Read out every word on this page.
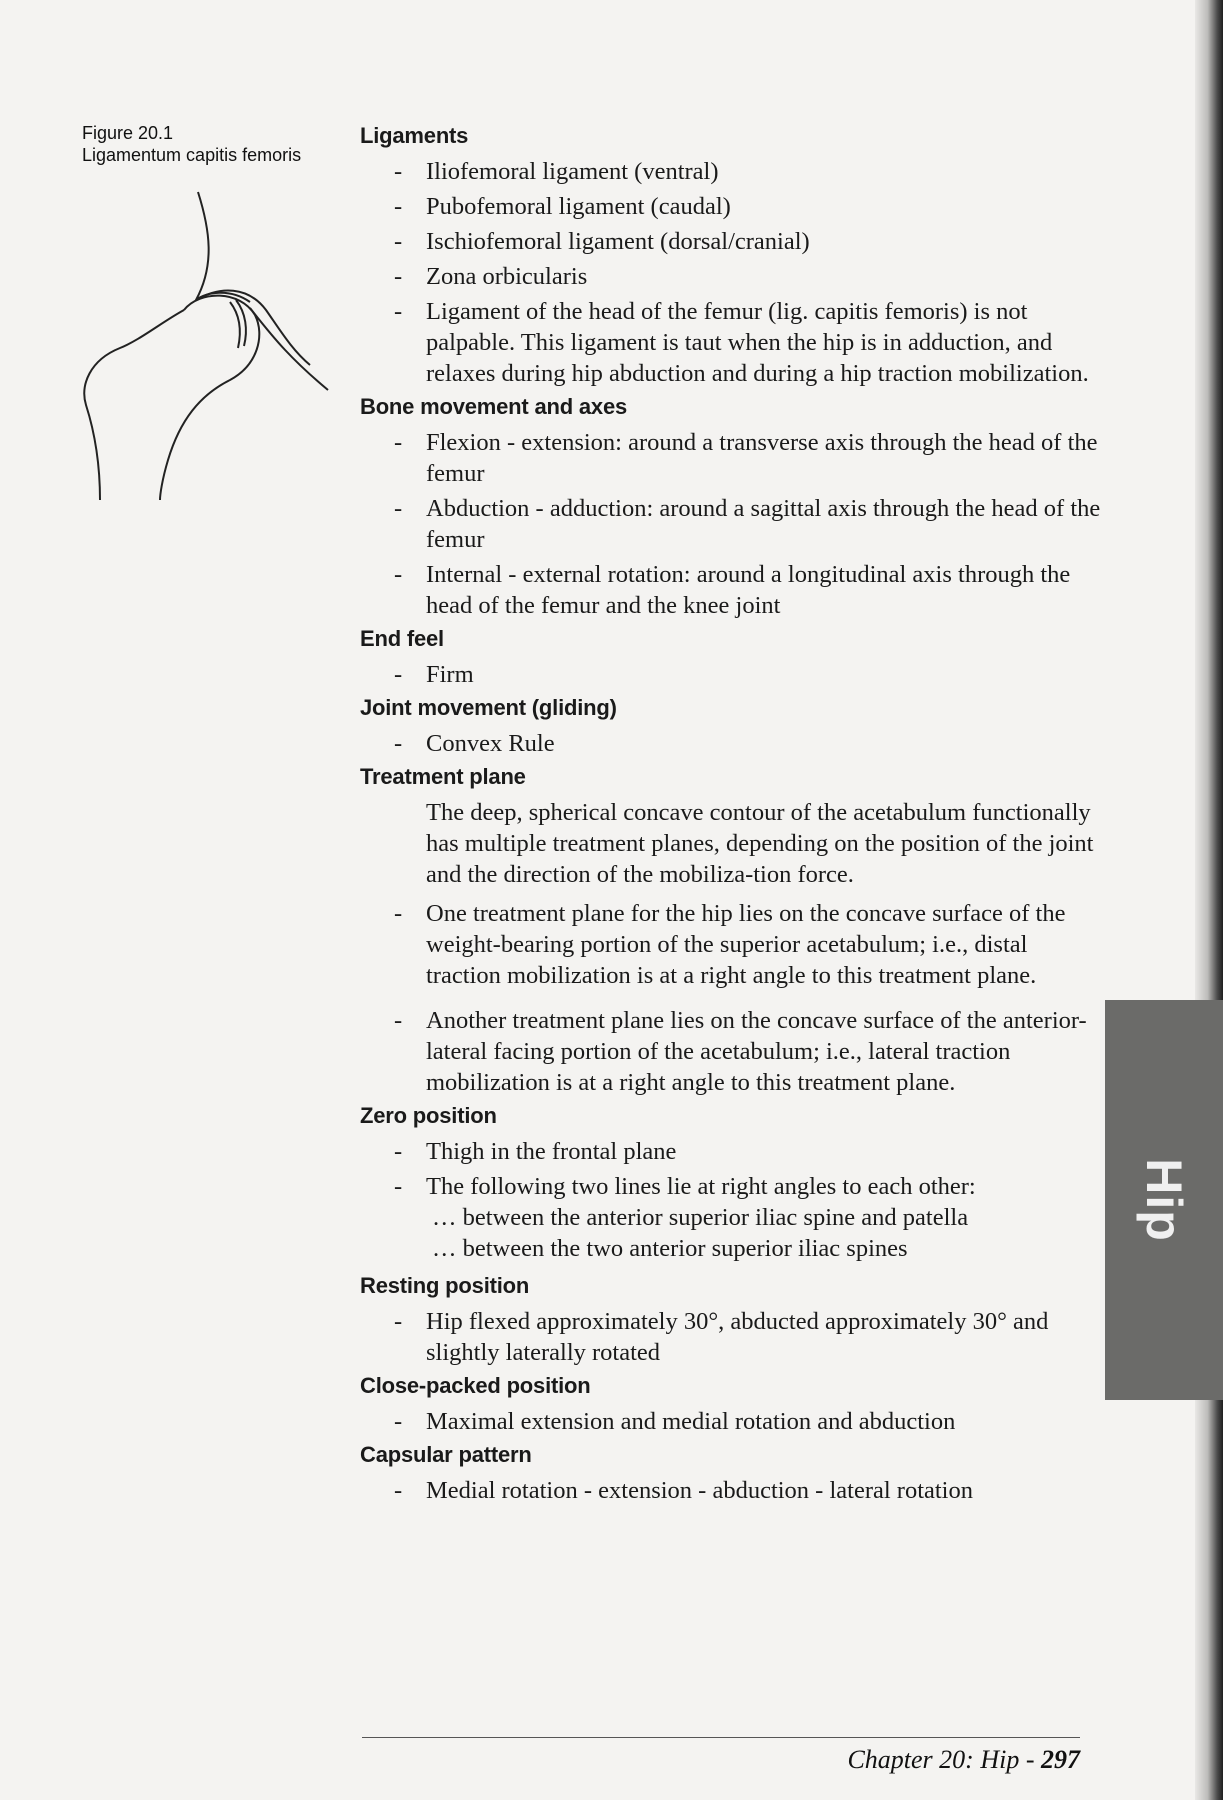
Figure 20.1
Ligamentum capitis femoris
Ligaments
- Iliofemoral ligament (ventral)
- Pubofemoral ligament (caudal)
- Ischiofemoral ligament (dorsal/cranial)
- Zona orbicularis
- Ligament of the head of the femur (lig. capitis femoris) is not palpable. This ligament is taut when the hip is in adduction, and relaxes during hip abduction and during a hip traction mobilization.
Bone movement and axes
- Flexion - extension: around a transverse axis through the head of the femur
- Abduction - adduction: around a sagittal axis through the head of the femur
- Internal - external rotation: around a longitudinal axis through the head of the femur and the knee joint
End feel
- Firm
Joint movement (gliding)
- Convex Rule
Treatment plane
The deep, spherical concave contour of the acetabulum functionally has multiple treatment planes, depending on the position of the joint and the direction of the mobiliza-tion force.
- One treatment plane for the hip lies on the concave surface of the weight-bearing portion of the superior acetabulum; i.e., distal traction mobilization is at a right angle to this treatment plane.
- Another treatment plane lies on the concave surface of the anterior-lateral facing portion of the acetabulum; i.e., lateral traction mobilization is at a right angle to this treatment plane.
Zero position
- Thigh in the frontal plane
- The following two lines lie at right angles to each other:
… between the anterior superior iliac spine and patella
… between the two anterior superior iliac spines
Resting position
- Hip flexed approximately 30°, abducted approximately 30° and slightly laterally rotated
Close-packed position
- Maximal extension and medial rotation and abduction
Capsular pattern
- Medial rotation - extension - abduction - lateral rotation
Hip
Chapter 20: Hip - 297
